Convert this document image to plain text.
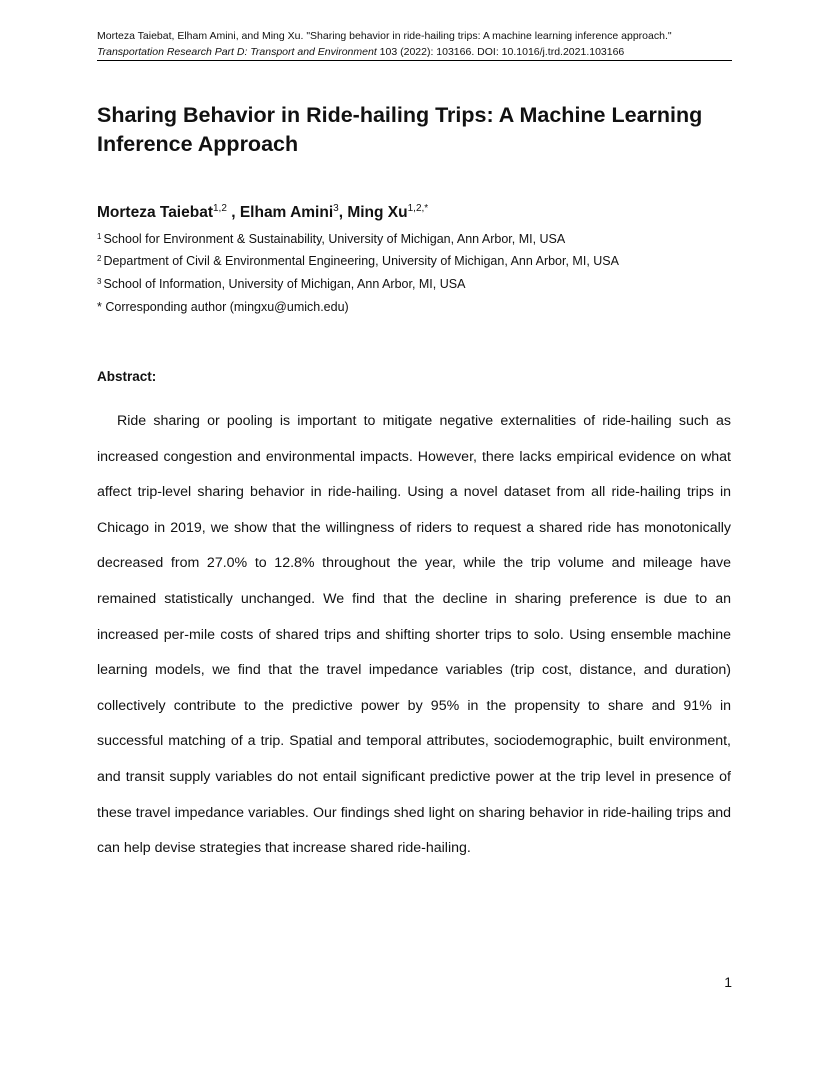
Morteza Taiebat, Elham Amini, and Ming Xu. "Sharing behavior in ride-hailing trips: A machine learning inference approach." Transportation Research Part D: Transport and Environment 103 (2022): 103166. DOI: 10.1016/j.trd.2021.103166
Sharing Behavior in Ride-hailing Trips: A Machine Learning Inference Approach
Morteza Taiebat$^{1,2}$ , Elham Amini$^3$, Ming $Xu^{1,2,*}$
$^1$ School for Environment & Sustainability, University of Michigan, Ann Arbor, MI, USA
$^2$ Department of Civil & Environmental Engineering, University of Michigan, Ann Arbor, MI, USA
$^3$ School of Information, University of Michigan, Ann Arbor, MI, USA
* Corresponding author (mingxu@umich.edu)
Abstract:

Ride sharing or pooling is important to mitigate negative externalities of ride-hailing such as increased congestion and environmental impacts. However, there lacks empirical evidence on what affect trip-level sharing behavior in ride-hailing. Using a novel dataset from all ride-hailing trips in Chicago in 2019, we show that the willingness of riders to request a shared ride has monotonically decreased from 27.0% to 12.8% throughout the year, while the trip volume and mileage have remained statistically unchanged. We find that the decline in sharing preference is due to an increased per-mile costs of shared trips and shifting shorter trips to solo. Using ensemble machine learning models, we find that the travel impedance variables (trip cost, distance, and duration) collectively contribute to the predictive power by 95% in the propensity to share and 91% in successful matching of a trip. Spatial and temporal attributes, sociodemographic, built environment, and transit supply variables do not entail significant predictive power at the trip level in presence of these travel impedance variables. Our findings shed light on sharing behavior in ride-hailing trips and can help devise strategies that increase shared ride-hailing.

1
